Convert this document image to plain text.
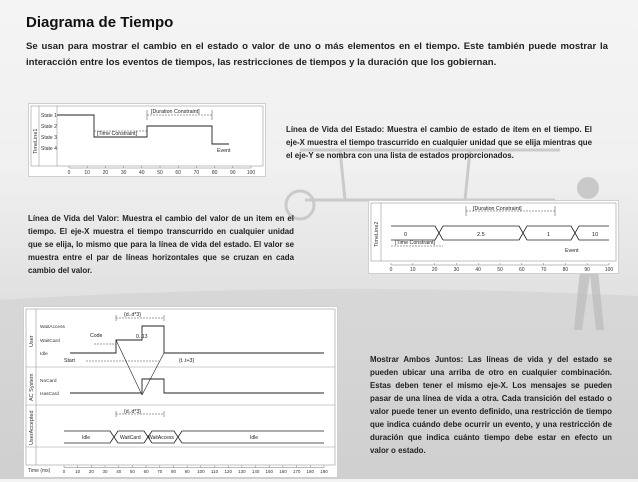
Diagrama de Tiempo

Se usan para mostrar el cambio en el estado o valor de uno o más elementos en el tiempo. Este también puede mostrar la interacción entre los eventos de tiempos, las restricciones de tiempos y la duración que los gobiernan.

TimeLine1
State 1
State 2
State 3
State 4
[Duration Constraint]
[Time Constraint]
Event
0	10	20	30	40	50	60	70	80	90 100

Línea de Vida del Estado: Muestra el cambio de estado de ítem en el tiempo. El eje-X muestra el tiempo trascurrido en cualquier unidad que se elija mientras que el eje-Y se nombra con una lista de estados proporcionados.

Línea de Vida del Valor: Muestra el cambio del valor de un item en el tiempo. El eje-X muestra el tiempo transcurrido en cualquier unidad que se elija, lo mismo que para la línea de vida del estado. El valor se muestra entre el par de líneas horizontales que se cruzan en cada cambio del valor.

TimeLine2
[Duration Constraint]
0	2.5	1	10
[Time Constraint]
Event
0	10	20	30	40	50	60	70	80	90	100
User
AC System
UserAccepted
WaitAccess
WaitCard
Idle
{d..d*3}
Code	0..13
Start	{t..t+3}
NoCard
HasCard
{d..d*3}
Idle	WaitCard WaitAccess	Idle
Time (ms)	0 10 20 30 40 50 60 70 80 90 100 110 120 130 140 150 160 170 180 190

Mostrar Ambos Juntos: Las líneas de vida y del estado se pueden ubicar una arriba de otro en cualquier combinación. Estas deben tener el mismo eje-X. Los mensajes se pueden pasar de una línea de vida a otra. Cada transición del estado o valor puede tener un evento definido, una restricción de tiempo que indica cuándo debe ocurrir un evento, y una restricción de duración que indica cuánto tiempo debe estar en efecto un valor o estado.
